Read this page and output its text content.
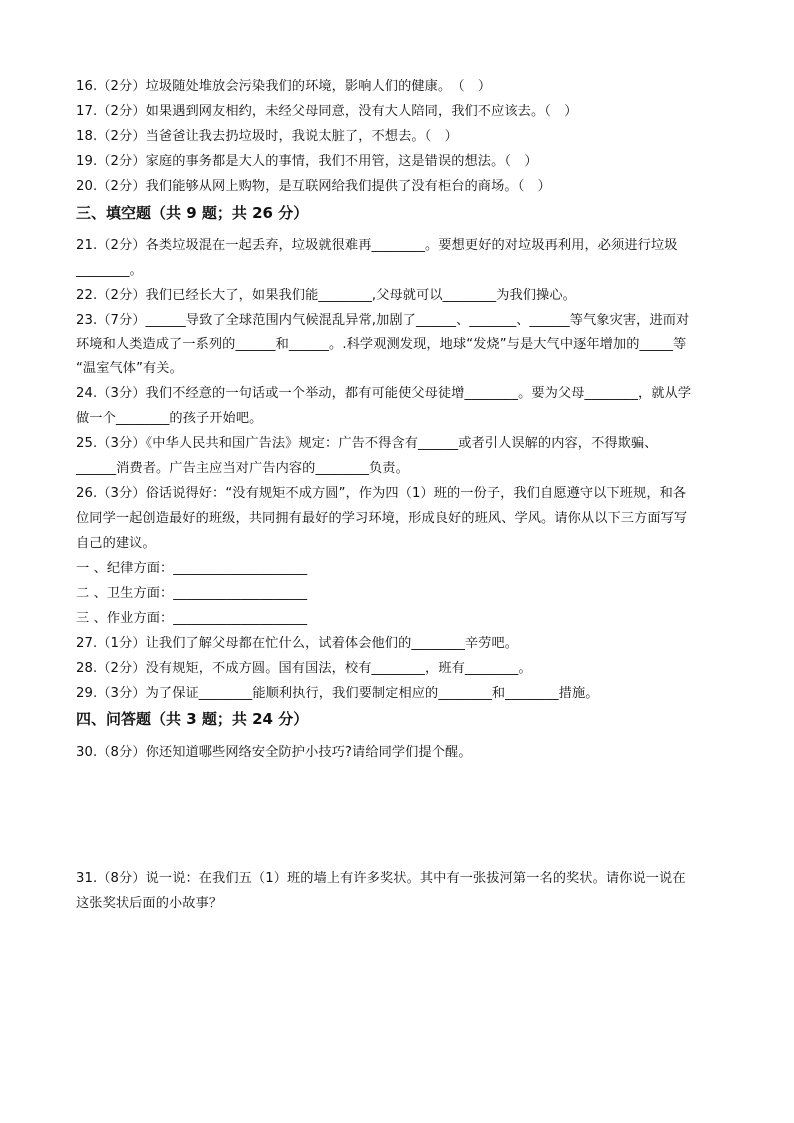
16.（2分）垃圾随处堆放会污染我们的环境，影响人们的健康。　（　）
17.（2分）如果遇到网友相约，未经父母同意，没有大人陪同，我们不应该去。（　）
18.（2分）当爸爸让我去扔垃圾时，我说太脏了，不想去。（　）
19.（2分）家庭的事务都是大人的事情，我们不用管，这是错误的想法。（　）
20.（2分）我们能够从网上购物，是互联网给我们提供了没有柜台的商场。（　）
三、填空题（共 9 题；共 26 分）
21.（2分）各类垃圾混在一起丢弃，垃圾就很难再________。要想更好的对垃圾再利用，必须进行垃圾
________。
22.（2分）我们已经长大了，如果我们能________,父母就可以________为我们操心。
23.（7分）______导致了全球范围内气候混乱异常,加剧了______、_______、______等气象灾害，进而对
环境和人类造成了一系列的______和______。.科学观测发现，地球“发烧”与是大气中逐年增加的_____等
“温室气体”有关。
24.（3分）我们不经意的一句话或一个举动，都有可能使父母徒增________。要为父母________，就从学
做一个________的孩子开始吧。
25.（3分）《中华人民共和国广告法》规定：广告不得含有______或者引人误解的内容，不得欺骗、
______消费者。广告主应当对广告内容的________负责。
26.（3分）俗话说得好：“没有规矩不成方圆”，作为四（1）班的一份子，我们自愿遵守以下班规，和各
位同学一起创造最好的班级，共同拥有最好的学习环境，形成良好的班风、学风。请你从以下三方面写写
自己的建议。
一 、纪律方面：____________________
二 、卫生方面：____________________
三 、作业方面：____________________
27.（1分）让我们了解父母都在忙什么，试着体会他们的________辛劳吧。
28.（2分）没有规矩，不成方圆。国有国法，校有________，班有________。
29.（3分）为了保证________能顺利执行，我们要制定相应的________和________措施。
四、问答题（共 3 题；共 24 分）
30.（8分）你还知道哪些网络安全防护小技巧?请给同学们提个醒。
31.（8分）说一说：在我们五（1）班的墙上有许多奖状。其中有一张拔河第一名的奖状。请你说一说在
这张奖状后面的小故事？
